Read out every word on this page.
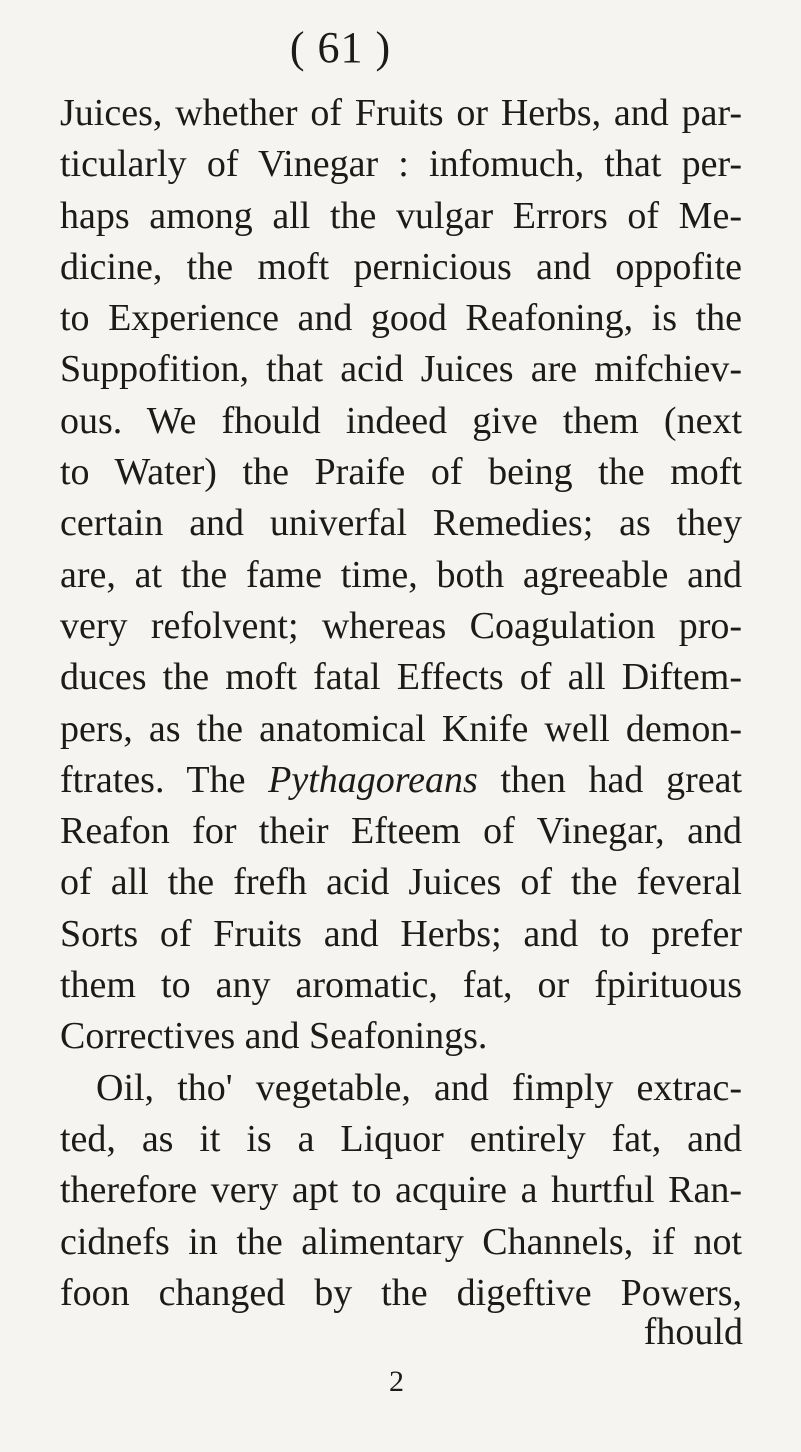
( 61 )
Juices, whether of Fruits or Herbs, and par-
ticularly of Vinegar : infomuch, that per-
haps among all the vulgar Errors of Me-
dicine, the moft pernicious and oppofite
to Experience and good Reafoning, is the
Suppofition, that acid Juices are mifchiev-
ous. We fhould indeed give them (next
to Water) the Praife of being the moft
certain and univerfal Remedies; as they
are, at the fame time, both agreeable and
very refolvent; whereas Coagulation pro-
duces the moft fatal Effects of all Diftem-
pers, as the anatomical Knife well demon-
ftrates. The Pythagoreans then had great
Reafon for their Efteem of Vinegar, and
of all the frefh acid Juices of the feveral
Sorts of Fruits and Herbs; and to prefer
them to any aromatic, fat, or fpirituous
Correctives and Seafonings.
Oil, tho' vegetable, and fimply extrac-
ted, as it is a Liquor entirely fat, and
therefore very apt to acquire a hurtful Ran-
cidnefs in the alimentary Channels, if not
foon changed by the digeftive Powers,
fhould
2
